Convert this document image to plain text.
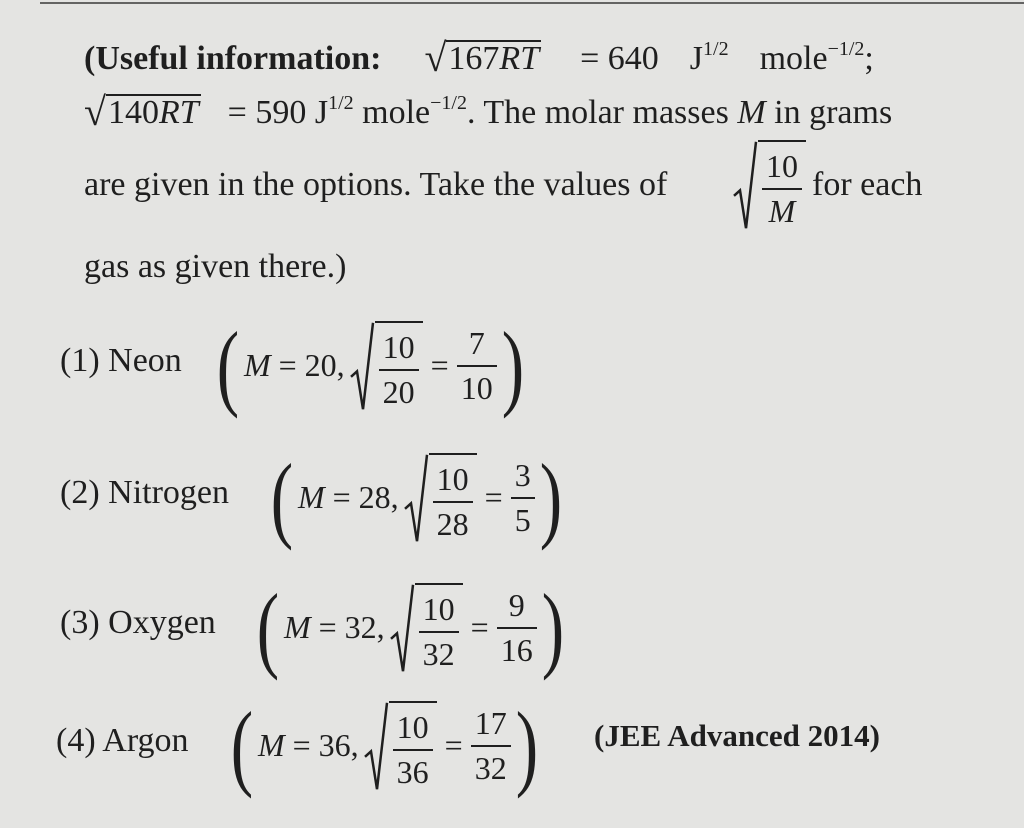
(Useful information: √167RT = 640 $J^{1/2}$ mole$^{-1/2}$;
√140RT = 590 $J^{1/2}$ mole$^{-1/2}$. The molar masses M in grams
are given in the options. Take the values of	$\frac{10}{M}$ for each
gas as given there.)
(1) Neon ( M = 20, $\frac{10}{20} = \frac{7}{10}$ )
(2) Nitrogen ( M = 28, $\frac{10}{28} = \frac{3}{5}$ )
(3) Oxygen ( M = 32, $\frac{10}{32} = \frac{9}{16}$ )
(4) Argon ( M = 36, $\frac{10}{36} = \frac{17}{32}$ ) (JEE Advanced 2014)
